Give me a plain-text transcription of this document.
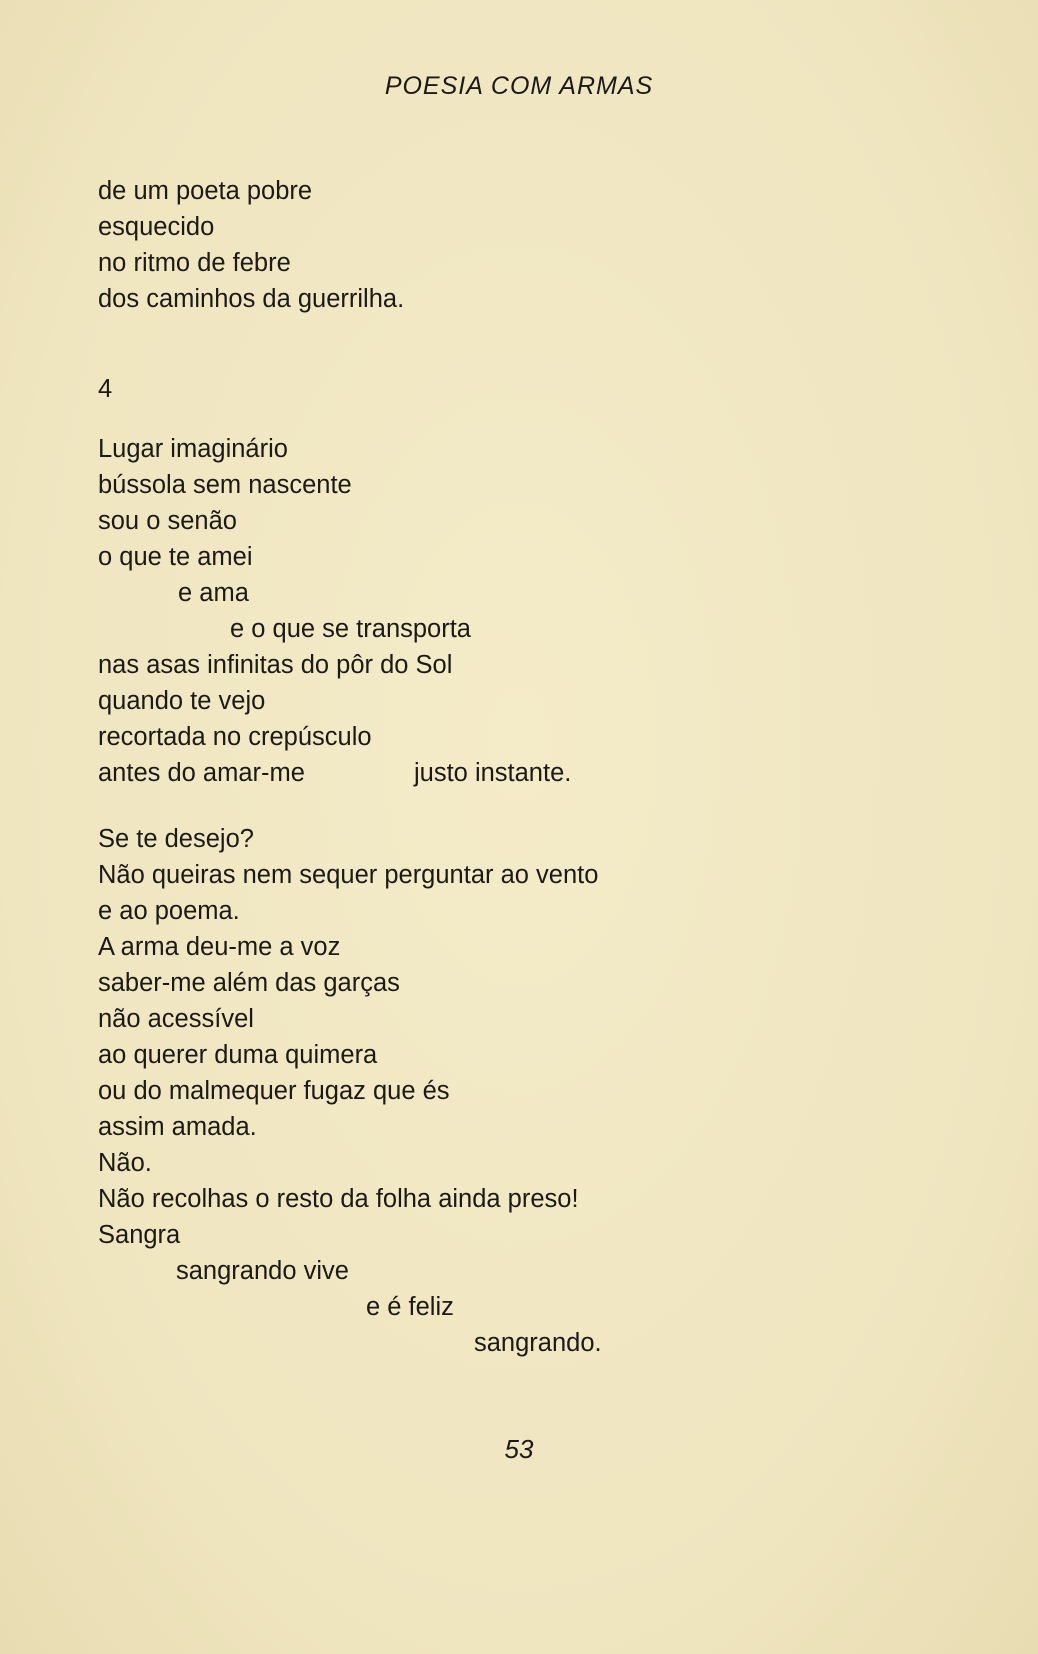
POESIA COM ARMAS
de um poeta pobre
esquecido
no ritmo de febre
dos caminhos da guerrilha.
4
Lugar imaginário
bússola sem nascente
sou o senão
o que te amei
e ama
e o que se transporta
nas asas infinitas do pôr do Sol
quando te vejo
recortada no crepúsculo
antes do amar-me	justo instante.
Se te desejo?
Não queiras nem sequer perguntar ao vento
e ao poema.
A arma deu-me a voz
saber-me além das garças
não acessível
ao querer duma quimera
ou do malmequer fugaz que és
assim amada.
Não.
Não recolhas o resto da folha ainda preso!
Sangra
sangrando vive
e é feliz
sangrando.
53
